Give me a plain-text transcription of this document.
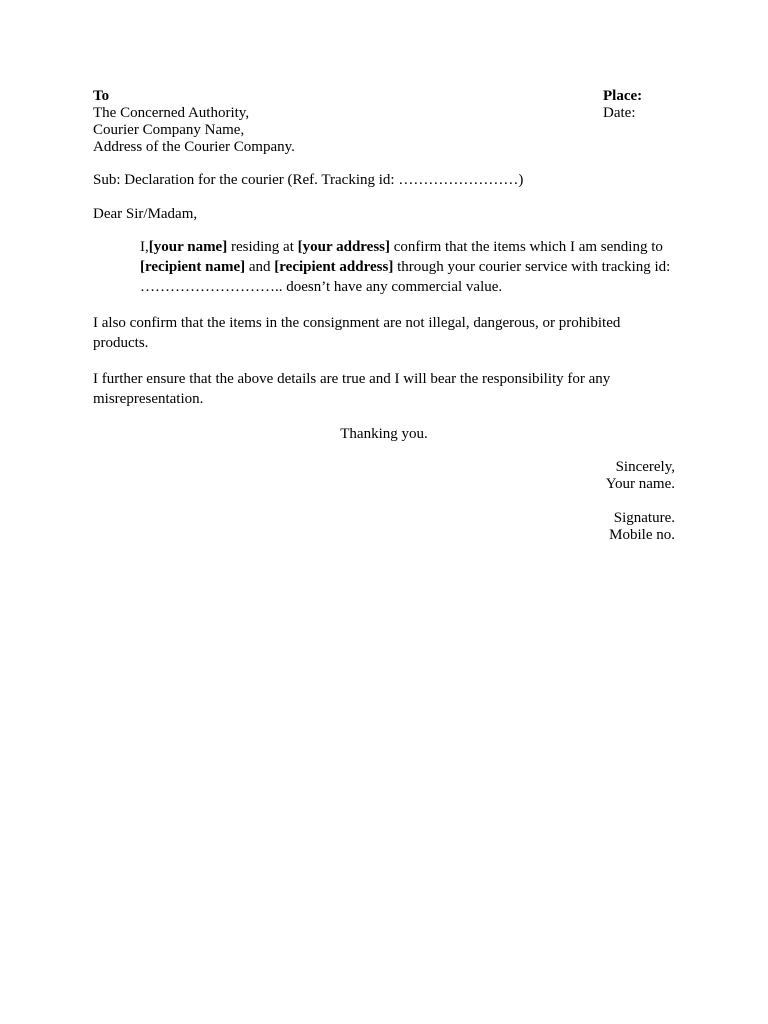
To
The Concerned Authority,
Courier Company Name,
Address of the Courier Company.
Place:
Date:
Sub: Declaration for the courier (Ref. Tracking id: ……………………)
Dear Sir/Madam,
I,[your name] residing at [your address] confirm that the items which I am sending to [recipient name] and [recipient address] through your courier service with tracking id: ……………………….. doesn’t have any commercial value.
I also confirm that the items in the consignment are not illegal, dangerous, or prohibited products.
I further ensure that the above details are true and I will bear the responsibility for any misrepresentation.
Thanking you.
Sincerely,
Your name.
Signature.
Mobile no.
